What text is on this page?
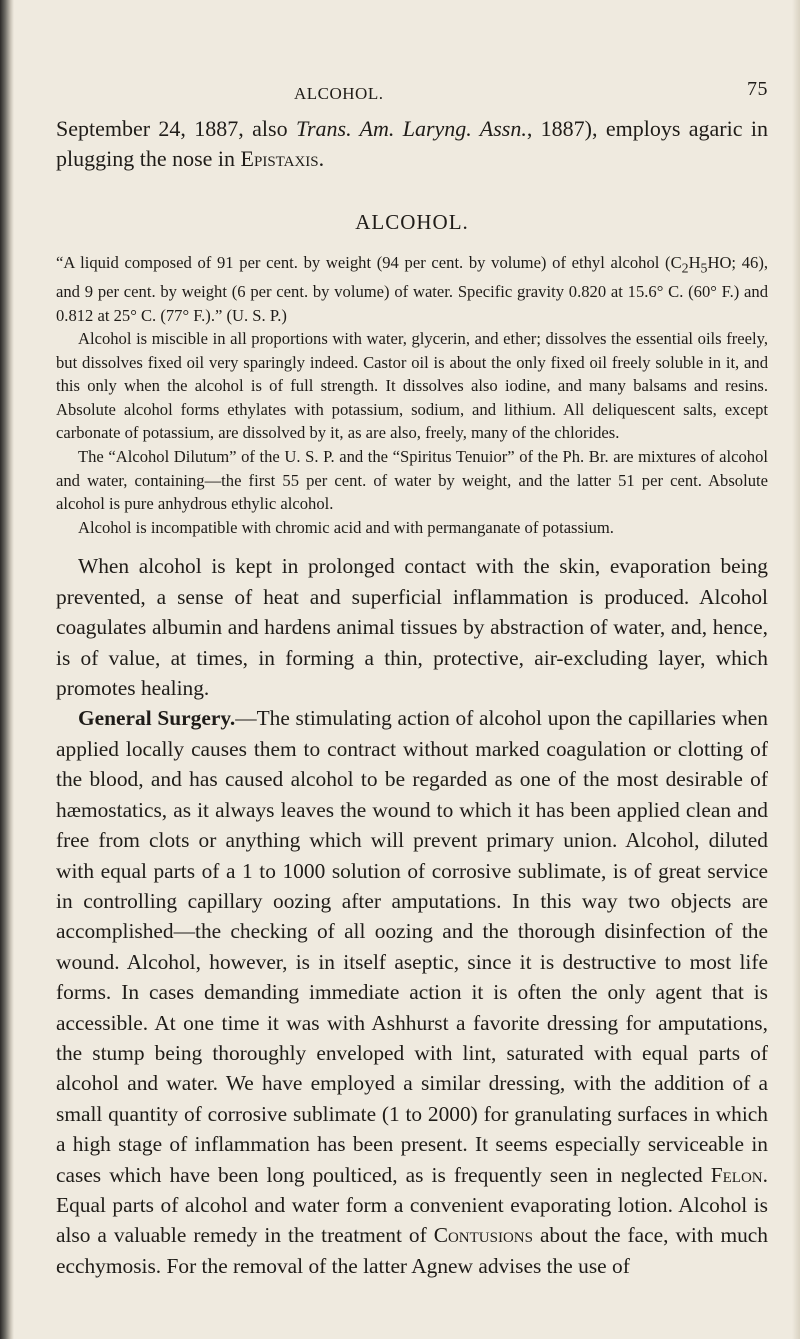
ALCOHOL.	75

September 24, 1887, also Trans. Am. Laryng. Assn., 1887), employs agaric in plugging the nose in Epistaxis.

ALCOHOL.

“A liquid composed of 91 per cent. by weight (94 per cent. by volume) of ethyl alcohol ($C_2H_5HO$; 46), and 9 per cent. by weight (6 per cent. by volume) of water. Specific gravity 0.820 at 15.6° C. (60° F.) and 0.812 at 25° C. (77° F.).” (U. S. P.)

Alcohol is miscible in all proportions with water, glycerin, and ether; dissolves the essential oils freely, but dissolves fixed oil very sparingly indeed. Castor oil is about the only fixed oil freely soluble in it, and this only when the alcohol is of full strength. It dissolves also iodine, and many balsams and resins. Absolute alcohol forms ethylates with potassium, sodium, and lithium. All deliquescent salts, except carbonate of potassium, are dissolved by it, as are also, freely, many of the chlorides.

The “Alcohol Dilutum” of the U. S. P. and the “Spiritus Tenuior” of the Ph. Br. are mixtures of alcohol and water, containing—the first 55 per cent. of water by weight, and the latter 51 per cent. Absolute alcohol is pure anhydrous ethylic alcohol.

Alcohol is incompatible with chromic acid and with permanganate of potassium.

When alcohol is kept in prolonged contact with the skin, evaporation being prevented, a sense of heat and superficial inflammation is produced. Alcohol coagulates albumin and hardens animal tissues by abstraction of water, and, hence, is of value, at times, in forming a thin, protective, air-excluding layer, which promotes healing.

General Surgery.—The stimulating action of alcohol upon the capillaries when applied locally causes them to contract without marked coagulation or clotting of the blood, and has caused alcohol to be regarded as one of the most desirable of hæmostatics, as it always leaves the wound to which it has been applied clean and free from clots or anything which will prevent primary union. Alcohol, diluted with equal parts of a 1 to 1000 solution of corrosive sublimate, is of great service in controlling capillary oozing after amputations. In this way two objects are accomplished—the checking of all oozing and the thorough disinfection of the wound. Alcohol, however, is in itself aseptic, since it is destructive to most life forms. In cases demanding immediate action it is often the only agent that is accessible. At one time it was with Ashhurst a favorite dressing for amputations, the stump being thoroughly enveloped with lint, saturated with equal parts of alcohol and water. We have employed a similar dressing, with the addition of a small quantity of corrosive sublimate (1 to 2000) for granulating surfaces in which a high stage of inflammation has been present. It seems especially serviceable in cases which have been long poulticed, as is frequently seen in neglected Felon. Equal parts of alcohol and water form a convenient evaporating lotion. Alcohol is also a valuable remedy in the treatment of Contusions about the face, with much ecchymosis. For the removal of the latter Agnew advises the use of
